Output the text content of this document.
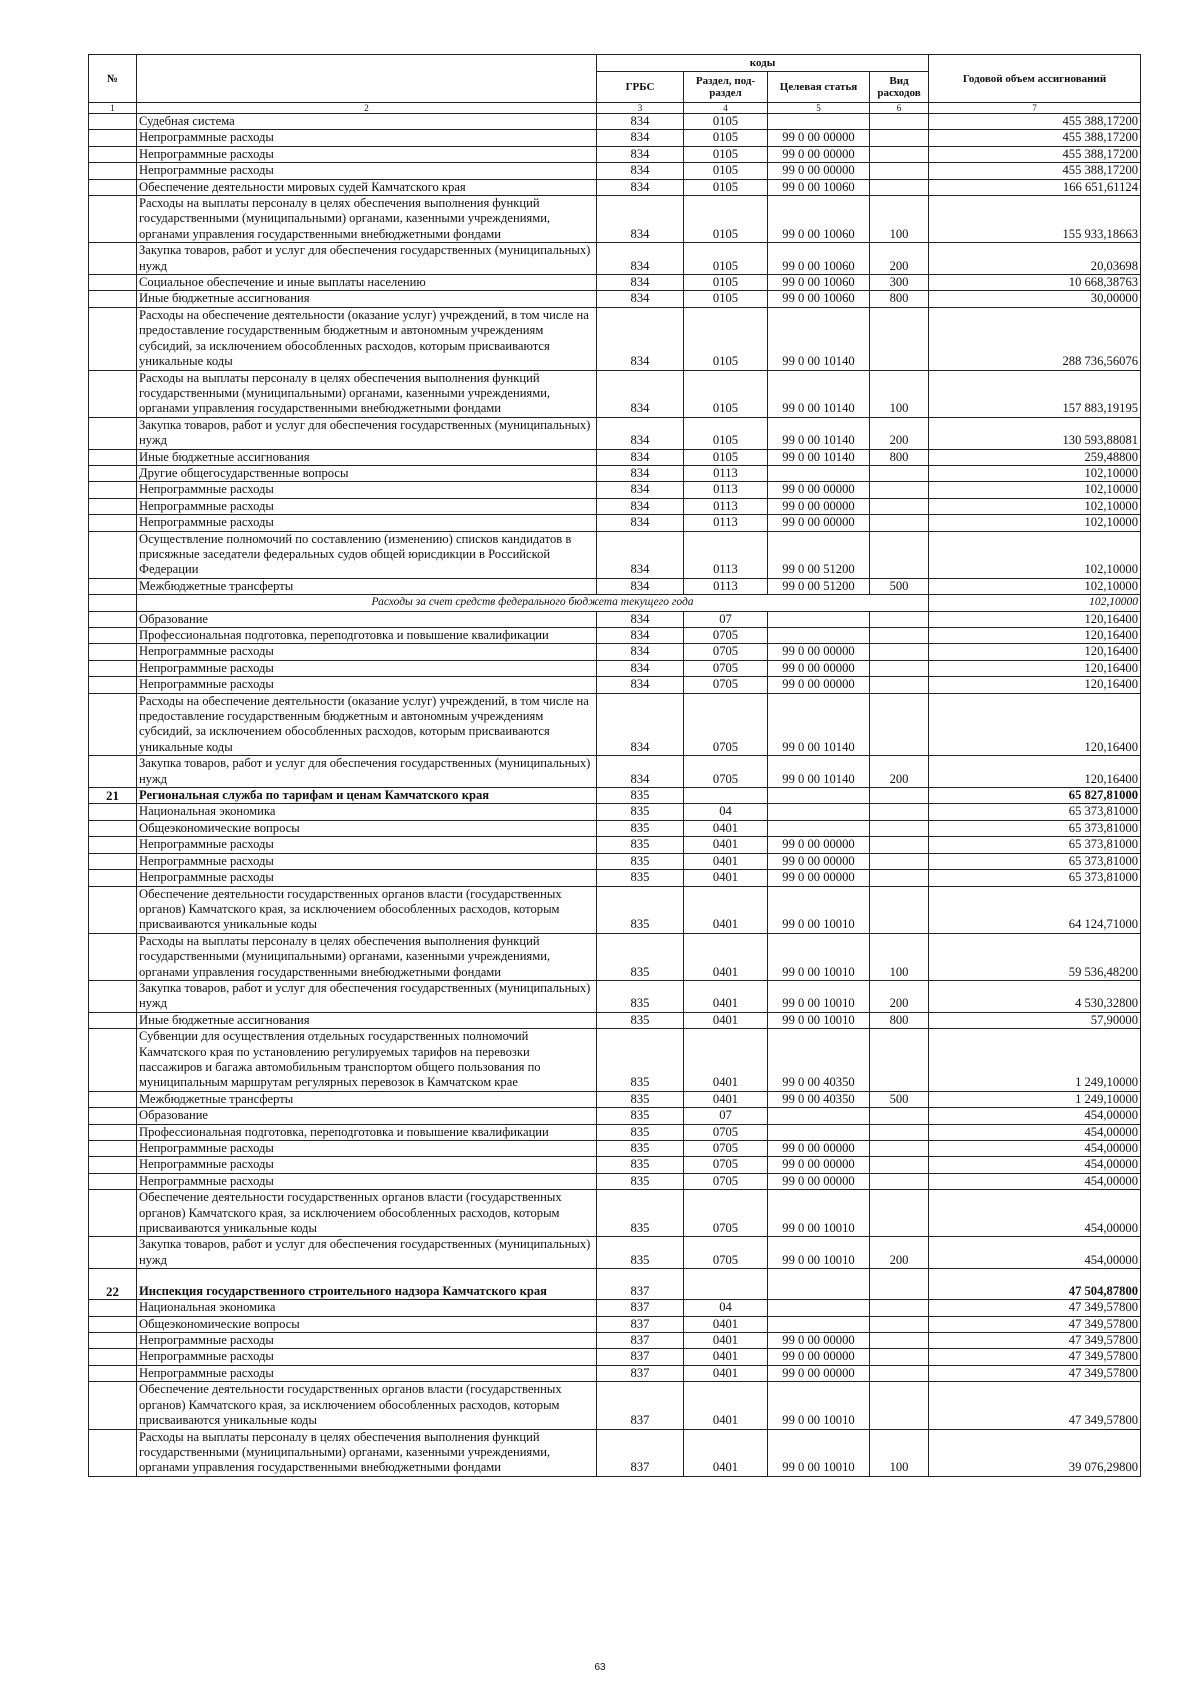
№		коды				Годовой объем ассигнований
		ГРБС	Раздел, под-раздел	Целевая статья	Вид расходов	
1	2	3	4	5	6	7
	Судебная система	834	0105			455 388,17200
	Непрограммные расходы	834	0105	99 0 00 00000		455 388,17200
	Непрограммные расходы	834	0105	99 0 00 00000		455 388,17200
	Непрограммные расходы	834	0105	99 0 00 00000		455 388,17200
	Обеспечение деятельности мировых судей Камчатского края	834	0105	99 0 00 10060		166 651,61124
	Расходы на выплаты персоналу в целях обеспечения выполнения функций государственными (муниципальными) органами, казенными учреждениями, органами управления государственными внебюджетными фондами	834	0105	99 0 00 10060	100	155 933,18663
	Закупка товаров, работ и услуг для обеспечения государственных (муниципальных) нужд	834	0105	99 0 00 10060	200	20,03698
	Социальное обеспечение и иные выплаты населению	834	0105	99 0 00 10060	300	10 668,38763
	Иные бюджетные ассигнования	834	0105	99 0 00 10060	800	30,00000
	Расходы на обеспечение деятельности (оказание услуг) учреждений, в том числе на предоставление государственным бюджетным и автономным учреждениям субсидий, за исключением обособленных расходов, которым присваиваются уникальные коды	834	0105	99 0 00 10140		288 736,56076
	Расходы на выплаты персоналу в целях обеспечения выполнения функций государственными (муниципальными) органами, казенными учреждениями, органами управления государственными внебюджетными фондами	834	0105	99 0 00 10140	100	157 883,19195
	Закупка товаров, работ и услуг для обеспечения государственных (муниципальных) нужд	834	0105	99 0 00 10140	200	130 593,88081
	Иные бюджетные ассигнования	834	0105	99 0 00 10140	800	259,48800
	Другие общегосударственные вопросы	834	0113			102,10000
	Непрограммные расходы	834	0113	99 0 00 00000		102,10000
	Непрограммные расходы	834	0113	99 0 00 00000		102,10000
	Непрограммные расходы	834	0113	99 0 00 00000		102,10000
	Осуществление полномочий по составлению (изменению) списков кандидатов в присяжные заседатели федеральных судов общей юрисдикции в Российской Федерации	834	0113	99 0 00 51200		102,10000
	Межбюджетные трансферты	834	0113	99 0 00 51200	500	102,10000
	Расходы за счет средств федерального бюджета текущего года					102,10000
	Образование	834	07			120,16400
	Профессиональная подготовка, переподготовка и повышение квалификации	834	0705			120,16400
	Непрограммные расходы	834	0705	99 0 00 00000		120,16400
	Непрограммные расходы	834	0705	99 0 00 00000		120,16400
	Непрограммные расходы	834	0705	99 0 00 00000		120,16400
	Расходы на обеспечение деятельности (оказание услуг) учреждений, в том числе на предоставление государственным бюджетным и автономным учреждениям субсидий, за исключением обособленных расходов, которым присваиваются уникальные коды	834	0705	99 0 00 10140		120,16400
	Закупка товаров, работ и услуг для обеспечения государственных (муниципальных) нужд	834	0705	99 0 00 10140	200	120,16400
21	Региональная служба по тарифам и ценам Камчатского края	835				65 827,81000
	Национальная экономика	835	04			65 373,81000
	Общеэкономические вопросы	835	0401			65 373,81000
	Непрограммные расходы	835	0401	99 0 00 00000		65 373,81000
	Непрограммные расходы	835	0401	99 0 00 00000		65 373,81000
	Непрограммные расходы	835	0401	99 0 00 00000		65 373,81000
	Обеспечение деятельности государственных органов власти (государственных органов) Камчатского края, за исключением обособленных расходов, которым присваиваются уникальные коды	835	0401	99 0 00 10010		64 124,71000
	Расходы на выплаты персоналу в целях обеспечения выполнения функций государственными (муниципальными) органами, казенными учреждениями, органами управления государственными внебюджетными фондами	835	0401	99 0 00 10010	100	59 536,48200
	Закупка товаров, работ и услуг для обеспечения государственных (муниципальных) нужд	835	0401	99 0 00 10010	200	4 530,32800
	Иные бюджетные ассигнования	835	0401	99 0 00 10010	800	57,90000
	Субвенции для осуществления отдельных государственных полномочий Камчатского края по установлению регулируемых тарифов на перевозки пассажиров и багажа автомобильным транспортом общего пользования по муниципальным маршрутам регулярных перевозок в Камчатском крае	835	0401	99 0 00 40350		1 249,10000
	Межбюджетные трансферты	835	0401	99 0 00 40350	500	1 249,10000
	Образование	835	07			454,00000
	Профессиональная подготовка, переподготовка и повышение квалификации	835	0705			454,00000
	Непрограммные расходы	835	0705	99 0 00 00000		454,00000
	Непрограммные расходы	835	0705	99 0 00 00000		454,00000
	Непрограммные расходы	835	0705	99 0 00 00000		454,00000
	Обеспечение деятельности государственных органов власти (государственных органов) Камчатского края, за исключением обособленных расходов, которым присваиваются уникальные коды	835	0705	99 0 00 10010		454,00000
	Закупка товаров, работ и услуг для обеспечения государственных (муниципальных) нужд	835	0705	99 0 00 10010	200	454,00000
22	Инспекция государственного строительного надзора Камчатского края	837				47 504,87800
	Национальная экономика	837	04			47 349,57800
	Общеэкономические вопросы	837	0401			47 349,57800
	Непрограммные расходы	837	0401	99 0 00 00000		47 349,57800
	Непрограммные расходы	837	0401	99 0 00 00000		47 349,57800
	Непрограммные расходы	837	0401	99 0 00 00000		47 349,57800
	Обеспечение деятельности государственных органов власти (государственных органов) Камчатского края, за исключением обособленных расходов, которым присваиваются уникальные коды	837	0401	99 0 00 10010		47 349,57800
	Расходы на выплаты персоналу в целях обеспечения выполнения функций государственными (муниципальными) органами, казенными учреждениями, органами управления государственными внебюджетными фондами	837	0401	99 0 00 10010	100	39 076,29800
63
